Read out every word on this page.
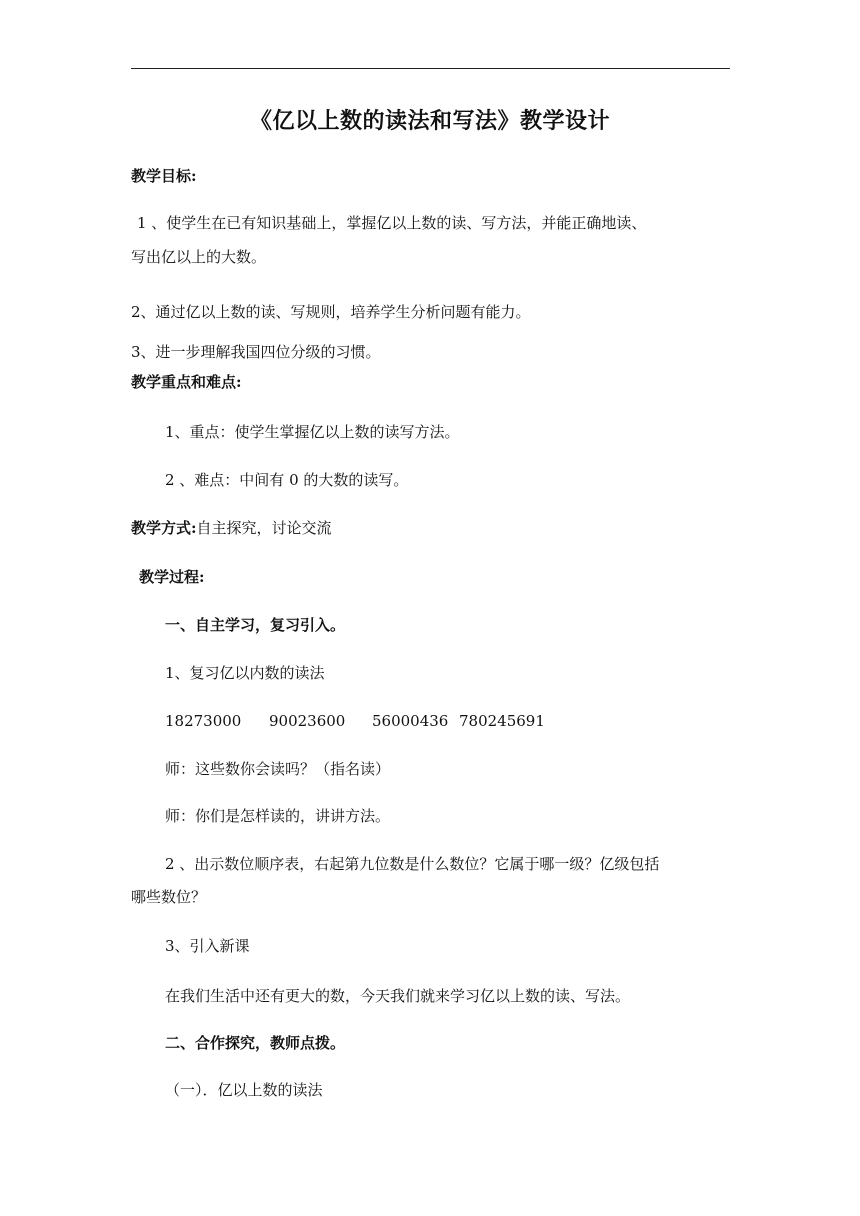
《亿以上数的读法和写法》教学设计
教学目标:
1 、使学生在已有知识基础上，掌握亿以上数的读、写方法，并能正确地读、
写出亿以上的大数。
2、通过亿以上数的读、写规则，培养学生分析问题有能力。
3、进一步理解我国四位分级的习惯。
教学重点和难点:
1、重点：使学生掌握亿以上数的读写方法。
2 、难点：中间有 0 的大数的读写。
教学方式:自主探究，讨论交流
教学过程:
一、自主学习，复习引入。
1、复习亿以内数的读法
18273000 90023600 56000436 780245691
师：这些数你会读吗？（指名读）
师：你们是怎样读的，讲讲方法。
2 、出示数位顺序表，右起第九位数是什么数位？它属于哪一级？亿级包括
哪些数位？
3、引入新课
在我们生活中还有更大的数，今天我们就来学习亿以上数的读、写法。
二、合作探究，教师点拨。
（一）．亿以上数的读法
